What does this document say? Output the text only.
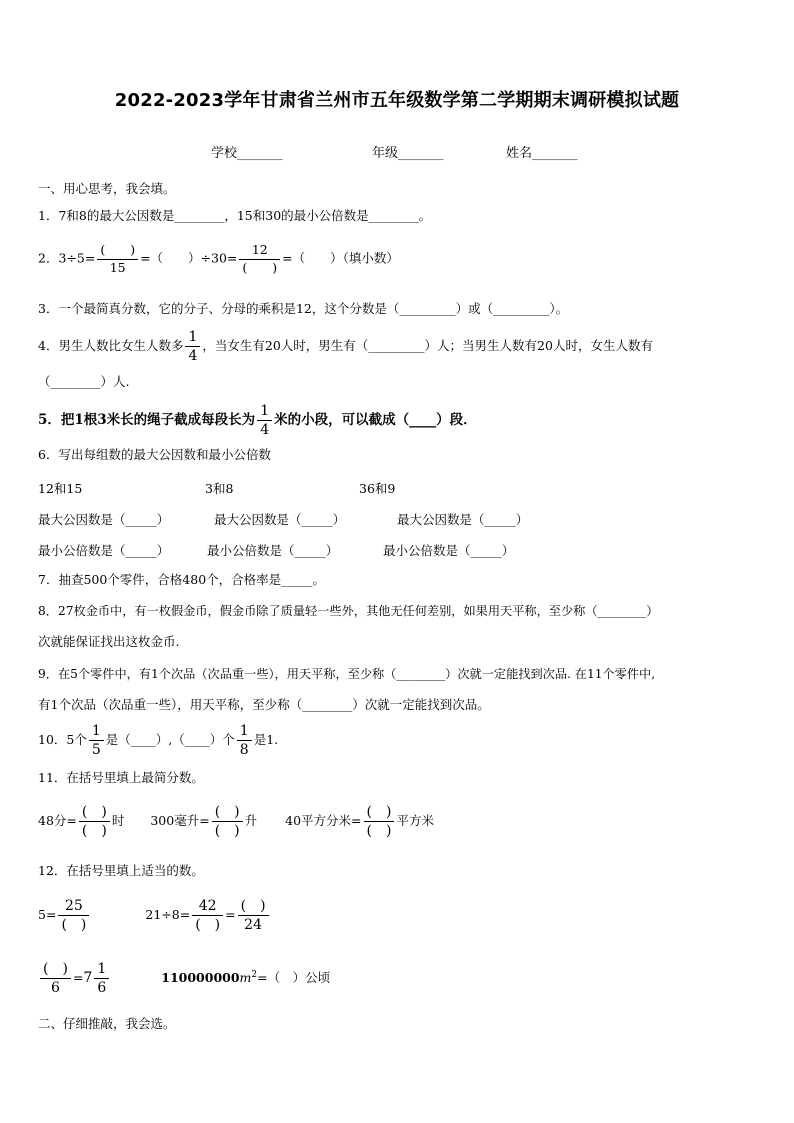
2022-2023学年甘肃省兰州市五年级数学第二学期期末调研模拟试题
学校_______	年级_______	姓名_______
一、用心思考，我会填。
1．7和8的最大公因数是________，15和30的最小公倍数是________。
2．$3\div 5= \frac{( )}{15}$ =（　　）$\div 30= \frac{12}{( )}$ =（　　）（填小数）
3．一个最简真分数，它的分子、分母的乘积是12，这个分数是（_________）或（_________）。
4．男生人数比女生人数多 $\frac{1}{4}$ ，当女生有20人时，男生有（_________）人；当男生人数有20人时，女生人数有
（________）人.
5．把1根3米长的绳子截成每段长为 $\frac{1}{4}$ 米的小段，可以截成（____）段．
6．写出每组数的最大公因数和最小公倍数
12和15	3和8	36和9
最大公因数是（_____）	最大公因数是（_____）	最大公因数是（_____）
最小公倍数是（_____）	最小公倍数是（_____）	最小公倍数是（_____）
7．抽查500个零件，合格480个，合格率是_____。
8．27枚金币中，有一枚假金币，假金币除了质量轻一些外，其他无任何差别，如果用天平称，至少称（________）
次就能保证找出这枚金币.
9．在5个零件中，有1个次品（次品重一些），用天平称，至少称（________）次就一定能找到次品. 在11个零件中,
有1个次品（次品重一些），用天平称，至少称（________）次就一定能找到次品。
10．5个 $\frac{1}{5}$ 是（____）,（____）个 $\frac{1}{8}$ 是1.
11．在括号里填上最简分数。
48分= $\frac{( )}{( )}$ 时 300毫升= $\frac{( )}{( )}$ 升 40平方分米= $\frac{( )}{( )}$ 平方米
12．在括号里填上适当的数。
$5= \frac{25}{( )}$	$21\div 8= \frac{42}{( )} = \frac{( )}{24}$
$\frac{( )}{6} =7 \frac{1}{6}$	$110000000m^2=$（　）公顷
二、仔细推敲，我会选。
